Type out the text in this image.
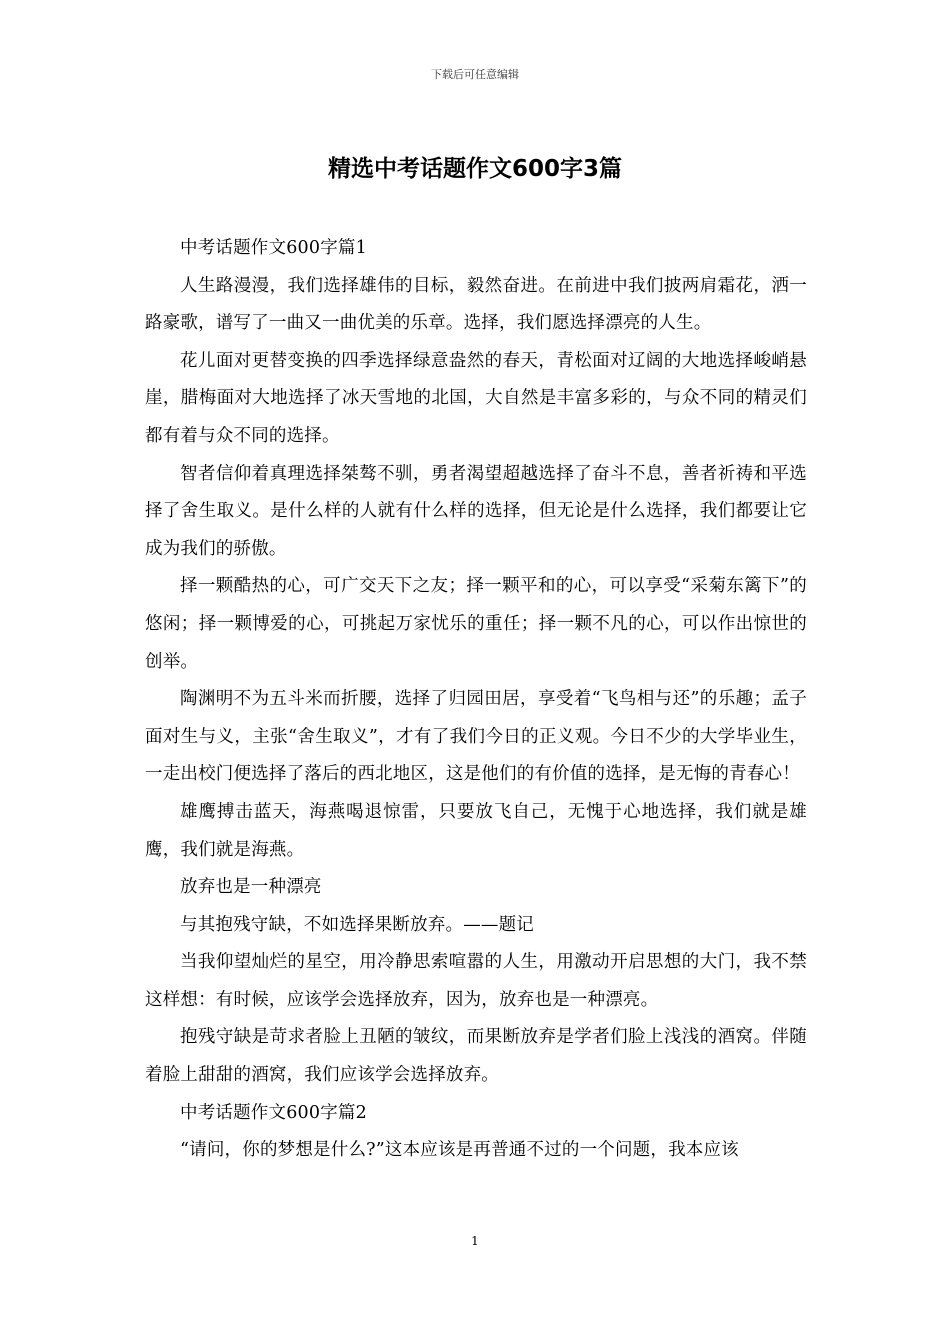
下载后可任意编辑
精选中考话题作文600字3篇

中考话题作文600字篇1

人生路漫漫，我们选择雄伟的目标，毅然奋进。在前进中我们披两肩霜花，洒一路豪歌，谱写了一曲又一曲优美的乐章。选择，我们愿选择漂亮的人生。

花儿面对更替变换的四季选择绿意盎然的春天，青松面对辽阔的大地选择峻峭悬崖，腊梅面对大地选择了冰天雪地的北国，大自然是丰富多彩的，与众不同的精灵们都有着与众不同的选择。

智者信仰着真理选择桀骜不驯，勇者渴望超越选择了奋斗不息，善者祈祷和平选择了舍生取义。是什么样的人就有什么样的选择，但无论是什么选择，我们都要让它成为我们的骄傲。

择一颗酷热的心，可广交天下之友；择一颗平和的心，可以享受“采菊东篱下”的悠闲；择一颗博爱的心，可挑起万家忧乐的重任；择一颗不凡的心，可以作出惊世的创举。

陶渊明不为五斗米而折腰，选择了归园田居，享受着“飞鸟相与还”的乐趣；孟子面对生与义，主张“舍生取义”，才有了我们今日的正义观。今日不少的大学毕业生，一走出校门便选择了落后的西北地区，这是他们的有价值的选择，是无悔的青春心！

雄鹰搏击蓝天，海燕喝退惊雷，只要放飞自己，无愧于心地选择，我们就是雄鹰，我们就是海燕。

放弃也是一种漂亮

与其抱残守缺，不如选择果断放弃。——题记

当我仰望灿烂的星空，用冷静思索喧嚣的人生，用激动开启思想的大门，我不禁这样想：有时候，应该学会选择放弃，因为，放弃也是一种漂亮。

抱残守缺是苛求者脸上丑陋的皱纹，而果断放弃是学者们脸上浅浅的酒窝。伴随着脸上甜甜的酒窝，我们应该学会选择放弃。

中考话题作文600字篇2

“请问，你的梦想是什么?”这本应该是再普通不过的一个问题，我本应该

1
